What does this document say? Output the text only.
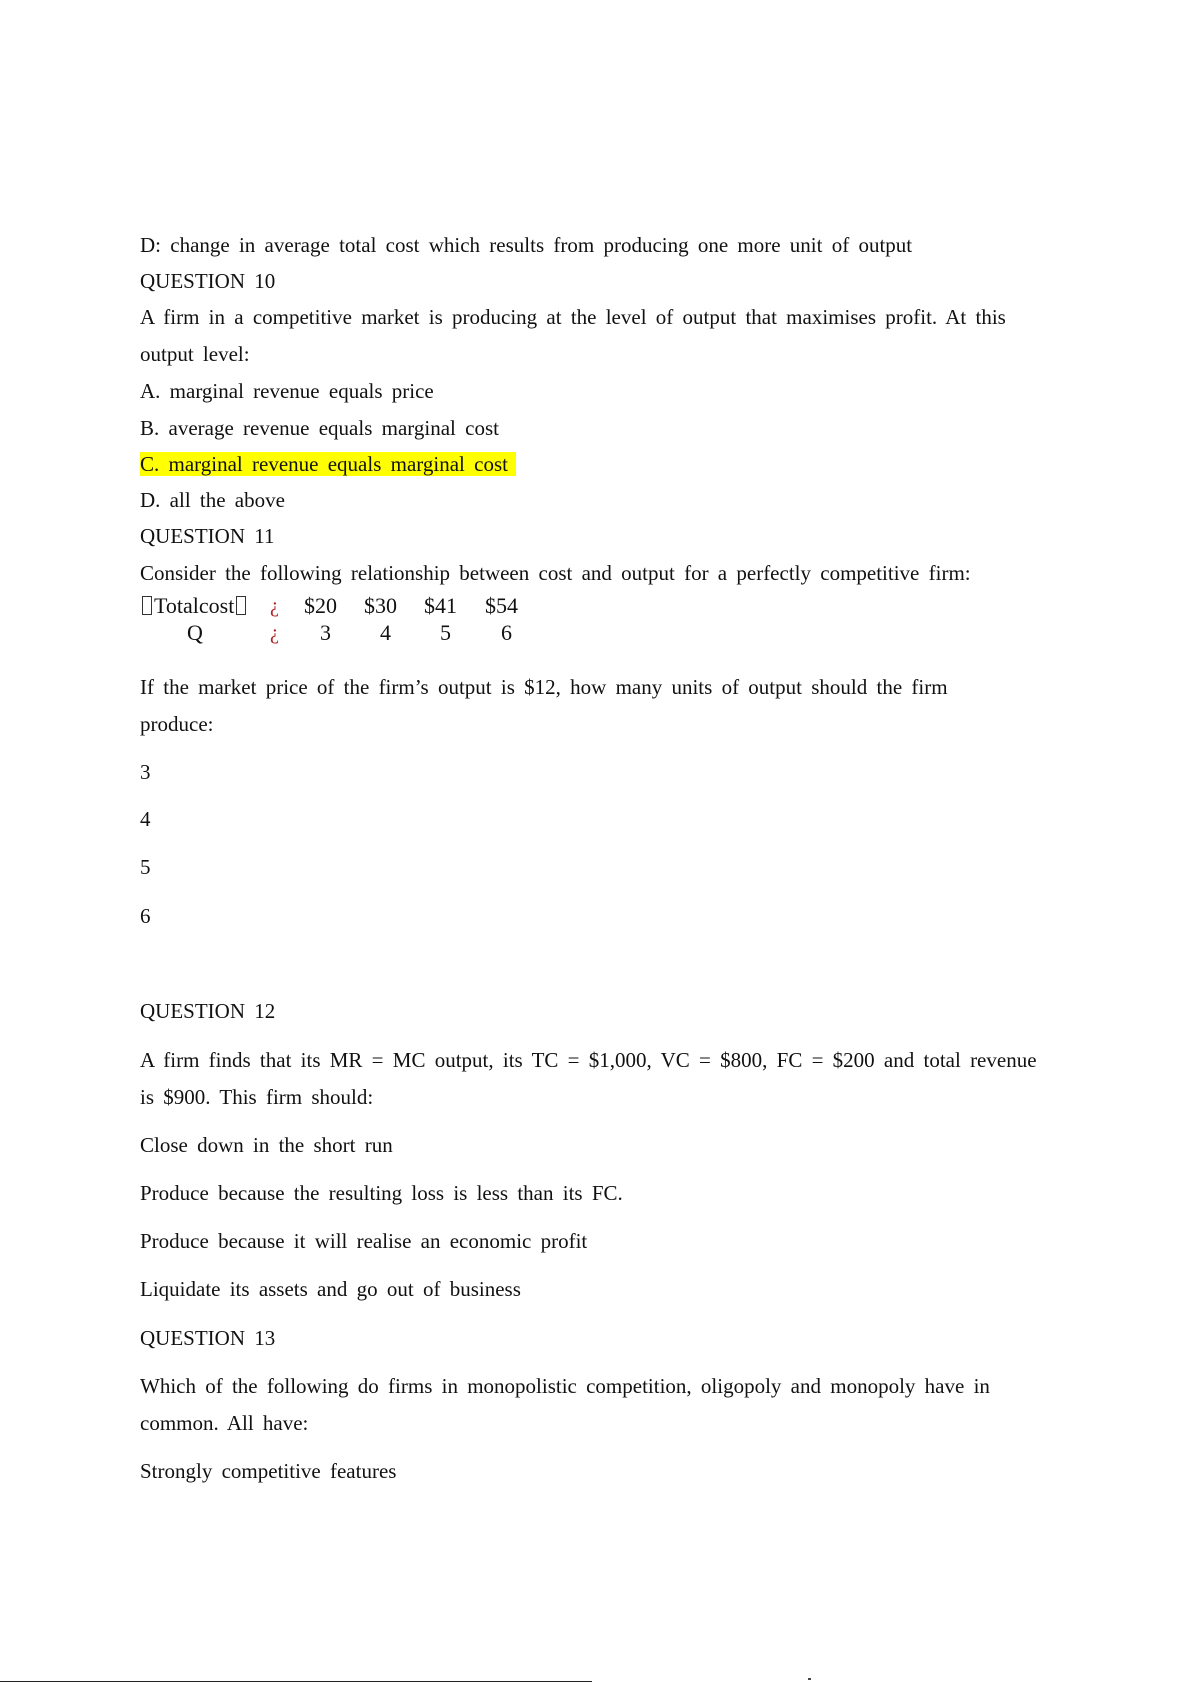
D: change in average total cost which results from producing one more unit of output
QUESTION 10
A firm in a competitive market is producing at the level of output that maximises profit. At this
output level:
A. marginal revenue equals price
B. average revenue equals marginal cost
C. marginal revenue equals marginal cost
D. all the above
QUESTION 11
Consider the following relationship between cost and output for a perfectly competitive firm:
Totalcost	¿ $20 $30 $41 $54
Q	¿ 3 4 5 6
If the market price of the firm’s output is $12, how many units of output should the firm
produce:
3
4
5
6
QUESTION 12
A firm finds that its MR = MC output, its TC = $1,000, VC = $800, FC = $200 and total revenue
is $900. This firm should:
Close down in the short run
Produce because the resulting loss is less than its FC.
Produce because it will realise an economic profit
Liquidate its assets and go out of business
QUESTION 13
Which of the following do firms in monopolistic competition, oligopoly and monopoly have in
common. All have:
Strongly competitive features
